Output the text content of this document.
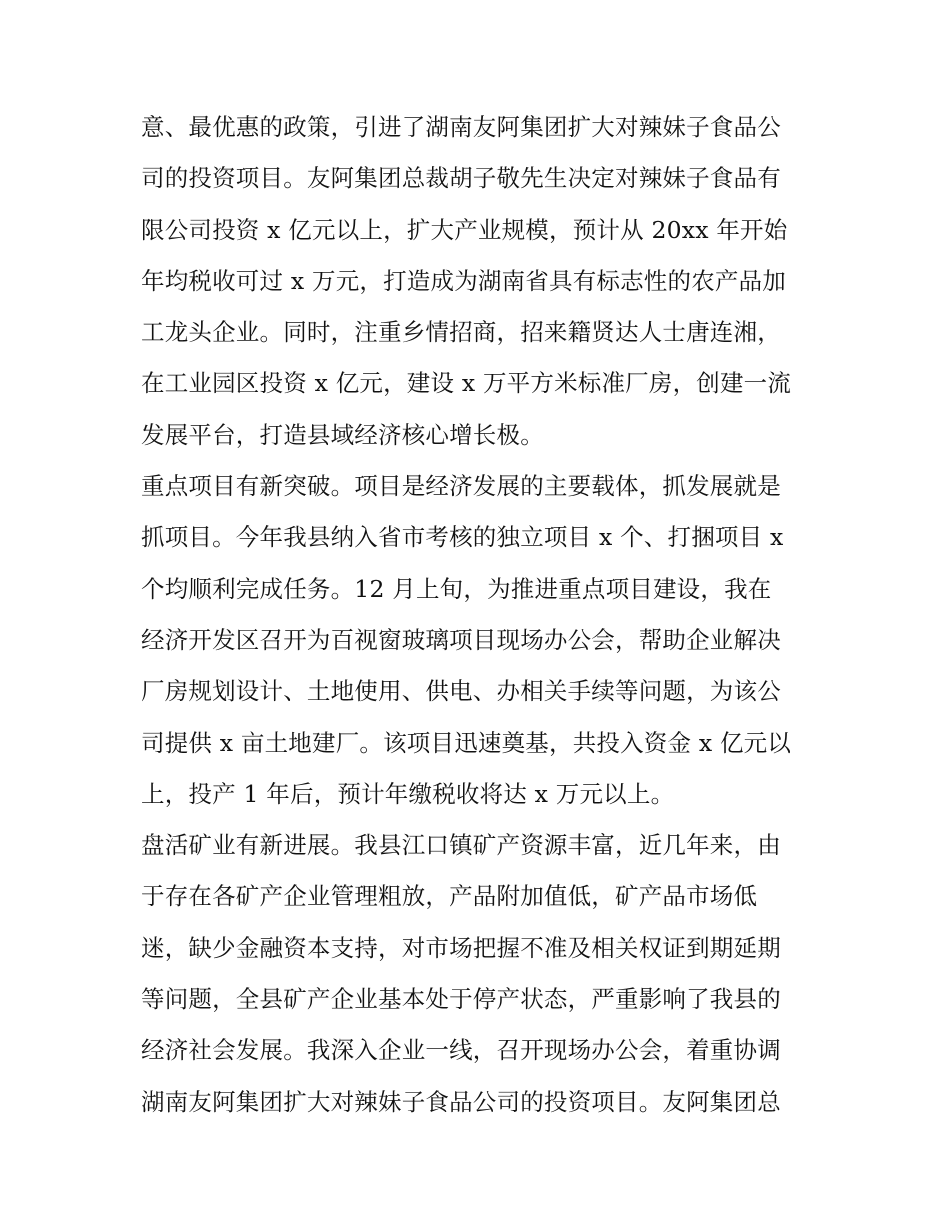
意、最优惠的政策，引进了湖南友阿集团扩大对辣妹子食品公
司的投资项目。友阿集团总裁胡子敬先生决定对辣妹子食品有
限公司投资 x 亿元以上，扩大产业规模，预计从 20xx 年开始
年均税收可过 x 万元，打造成为湖南省具有标志性的农产品加
工龙头企业。同时，注重乡情招商，招来籍贤达人士唐连湘，
在工业园区投资 x 亿元，建设 x 万平方米标准厂房，创建一流
发展平台，打造县域经济核心增长极。
重点项目有新突破。项目是经济发展的主要载体，抓发展就是
抓项目。今年我县纳入省市考核的独立项目 x 个、打捆项目 x
个均顺利完成任务。12 月上旬，为推进重点项目建设，我在
经济开发区召开为百视窗玻璃项目现场办公会，帮助企业解决
厂房规划设计、土地使用、供电、办相关手续等问题，为该公
司提供 x 亩土地建厂。该项目迅速奠基，共投入资金 x 亿元以
上，投产 1 年后，预计年缴税收将达 x 万元以上。
盘活矿业有新进展。我县江口镇矿产资源丰富，近几年来，由
于存在各矿产企业管理粗放，产品附加值低，矿产品市场低
迷，缺少金融资本支持，对市场把握不准及相关权证到期延期
等问题，全县矿产企业基本处于停产状态，严重影响了我县的
经济社会发展。我深入企业一线，召开现场办公会，着重协调
湖南友阿集团扩大对辣妹子食品公司的投资项目。友阿集团总
